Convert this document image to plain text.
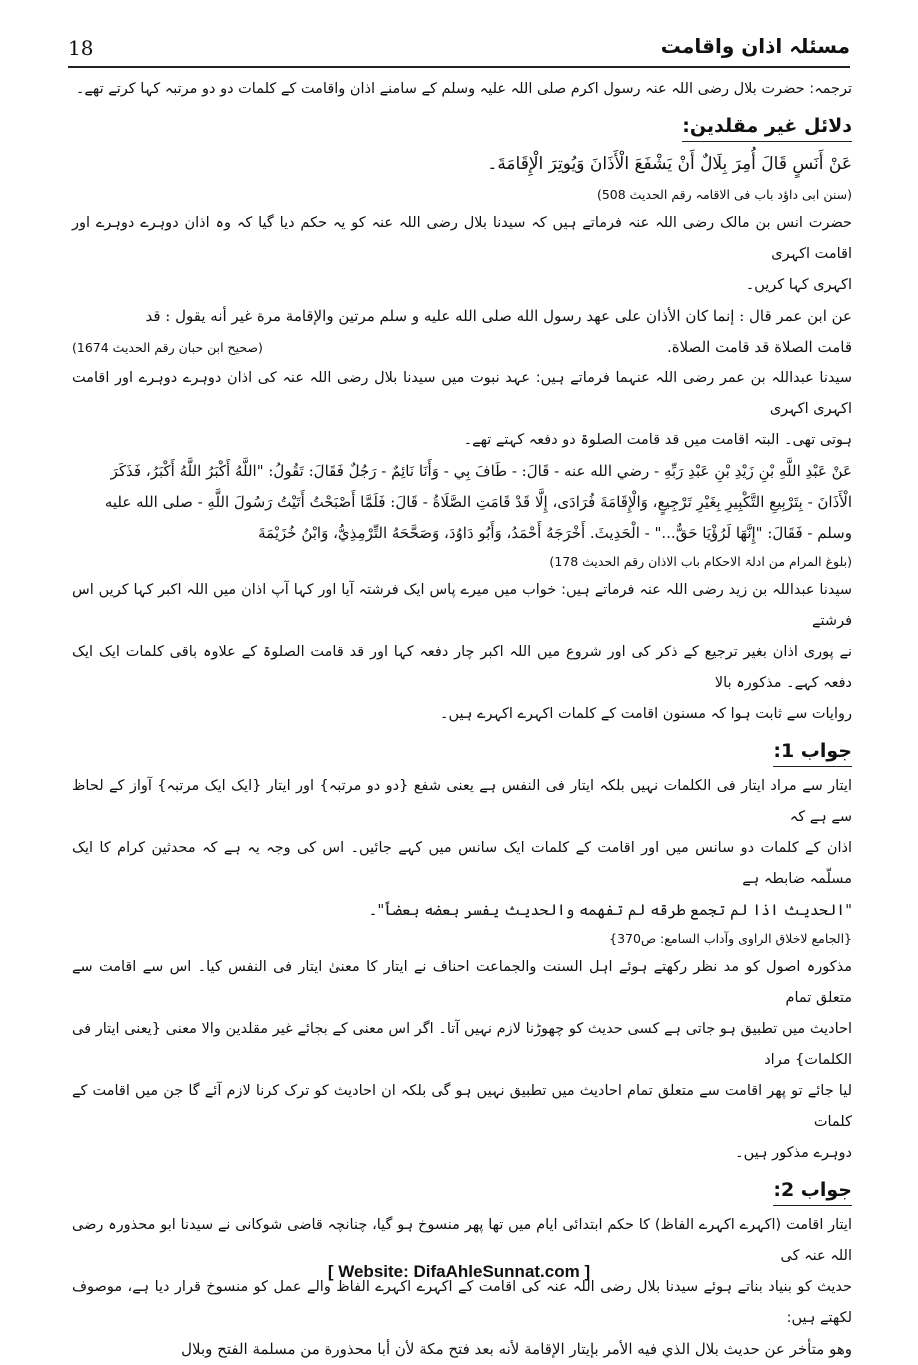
18	مسئلہ اذان واقامت

ترجمہ: حضرت بلال رضی اللہ عنہ رسول اکرم صلی اللہ علیہ وسلم کے سامنے اذان واقامت کے کلمات دو دو مرتبہ کہا کرتے تھے۔

دلائل غیر مقلدین:

عَنْ أَنَسٍ قَالَ أُمِرَ بِلَالٌ أَنْ يَشْفَعَ الْأَذَانَ وَيُوتِرَ الْإِقَامَةَ۔

(سنن ابی داؤد باب فی الاقامہ رقم الحدیث 508)

حضرت انس بن مالک رضی اللہ عنہ فرماتے ہیں کہ سیدنا بلال رضی اللہ عنہ کو یہ حکم دیا گیا کہ وہ اذان دوہرے دوہرے اور اقامت اکہری

اکہری کہا کریں۔

عن ابن عمر قال : إنما كان الأذان على عهد رسول الله صلى الله عليه و سلم مرتين والإقامة مرة غير أنه يقول : قد

قامت الصلاة قد قامت الصلاة.

(صحیح ابن حبان رقم الحدیث 1674)

سیدنا عبداللہ بن عمر رضی اللہ عنہما فرماتے ہیں: عہد نبوت میں سیدنا بلال رضی اللہ عنہ کی اذان دوہرے دوہرے اور اقامت اکہری اکہری

ہوتی تھی۔ البتہ اقامت میں قد قامت الصلوۃ دو دفعہ کہتے تھے۔

عَنْ عَبْدِ اللَّهِ بْنِ زَيْدِ بْنِ عَبْدِ رَبِّهِ - رضي الله عنه - قَالَ: - طَافَ بِي - وَأَنَا نَائِمٌ - رَجُلٌ فَقَالَ: تَقُولُ: "اللَّهُ أَكْبَرُ اللَّهُ أَكْبَرُ، فَذَكَرَ

الْأَذَانَ - بِتَرْبِيعِ التَّكْبِيرِ بِغَيْرِ تَرْجِيعٍ، وَالْإِقَامَةَ فُرَادَى، إِلَّا قَدْ قَامَتِ الصَّلَاةُ - قَالَ: فَلَمَّا أَصْبَحْتُ أَتَيْتُ رَسُولَ اللَّهِ - صلى الله عليه

وسلم - فَقَالَ: "إِنَّهَا لَرُؤْيَا حَقٌّ..." - الْحَدِيثَ. أَخْرَجَهُ أَحْمَدُ، وَأَبُو دَاوُدَ، وَصَحَّحَهُ التِّرْمِذِيُّ، وَابْنُ خُزَيْمَةَ

(بلوغ المرام من ادلۃ الاحکام باب الاذان رقم الحدیث 178)

سیدنا عبداللہ بن زید رضی اللہ عنہ فرماتے ہیں: خواب میں میرے پاس ایک فرشتہ آیا اور کہا آپ اذان میں اللہ اکبر کہا کریں اس فرشتے

نے پوری اذان بغیر ترجیع کے ذکر کی اور شروع میں اللہ اکبر چار دفعہ کہا اور قد قامت الصلوۃ کے علاوہ باقی کلمات ایک ایک دفعہ کہے۔ مذکورہ بالا

روایات سے ثابت ہوا کہ مسنون اقامت کے کلمات اکہرے اکہرے ہیں۔

جواب 1:

ایتار سے مراد ایتار فی الکلمات نہیں بلکہ ایتار فی النفس ہے یعنی شفع {دو دو مرتبہ} اور ایتار {ایک ایک مرتبہ} آواز کے لحاظ سے ہے کہ

اذان کے کلمات دو سانس میں اور اقامت کے کلمات ایک سانس میں کہے جائیں۔ اس کی وجہ یہ ہے کہ محدثین کرام کا ایک مسلّمہ ضابطہ ہے

"الحديث اذا لم تجمع طرقه لم تفهمه والحديث يفسر بعضه بعضاً"۔

{الجامع لاخلاق الراوی وآداب السامع: ص370}

مذکورہ اصول کو مد نظر رکھتے ہوئے اہل السنت والجماعت احناف نے ایتار کا معنیٰ ایتار فی النفس کیا۔ اس سے اقامت سے متعلق تمام

احادیث میں تطبیق ہو جاتی ہے کسی حدیث کو چھوڑنا لازم نہیں آتا۔ اگر اس معنی کے بجائے غیر مقلدین والا معنی {یعنی ایتار فی الکلمات} مراد

لیا جائے تو پھر اقامت سے متعلق تمام احادیث میں تطبیق نہیں ہو گی بلکہ ان احادیث کو ترک کرنا لازم آئے گا جن میں اقامت کے کلمات

دوہرے مذکور ہیں۔

جواب 2:

ایتار اقامت (اکہرے اکہرے الفاظ) کا حکم ابتدائی ایام میں تھا پھر منسوخ ہو گیا، چنانچہ قاضی شوکانی نے سیدنا ابو محذورہ رضی اللہ عنہ کی

حدیث کو بنیاد بناتے ہوئے سیدنا بلال رضی اللہ عنہ کی اقامت کے اکہرے اکہرے الفاظ والے عمل کو منسوخ قرار دیا ہے، موصوف لکھتے ہیں:

وهو متأخر عن حديث بلال الذي فيه الأمر بإيتار الإقامة لأنه بعد فتح مكة لأن أبا محذورة من مسلمة الفتح وبلال

[ Website: DifaAhleSunnat.com ]
